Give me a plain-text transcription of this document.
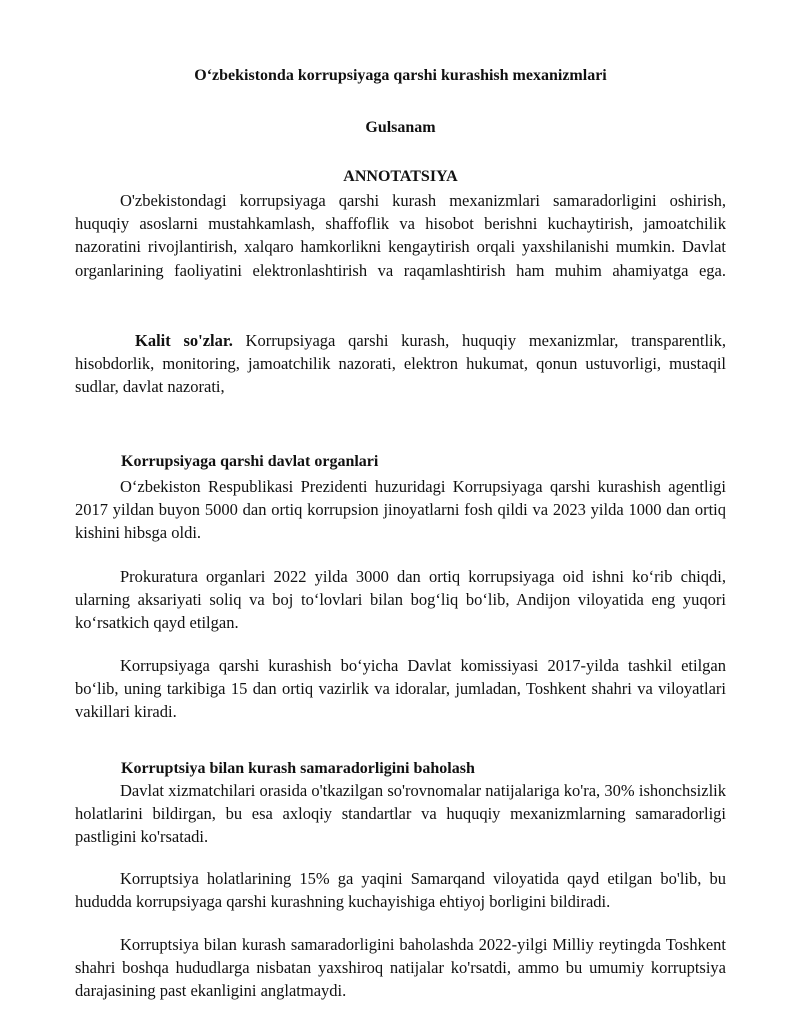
O‘zbekistonda korrupsiyaga qarshi kurashish mexanizmlari
Gulsanam
ANNOTATSIYA
O'zbekistondagi korrupsiyaga qarshi kurash mexanizmlari samaradorligini oshirish, huquqiy asoslarni mustahkamlash, shaffoflik va hisobot berishni kuchaytirish, jamoatchilik nazoratini rivojlantirish, xalqaro hamkorlikni kengaytirish orqali yaxshilanishi mumkin. Davlat organlarining faoliyatini elektronlashtirish va raqamlashtirish ham muhim ahamiyatga ega.
Kalit so'zlar. Korrupsiyaga qarshi kurash, huquqiy mexanizmlar, transparentlik, hisobdorlik, monitoring, jamoatchilik nazorati, elektron hukumat, qonun ustuvorligi, mustaqil sudlar, davlat nazorati,
Korrupsiyaga qarshi davlat organlari
O‘zbekiston Respublikasi Prezidenti huzuridagi Korrupsiyaga qarshi kurashish agentligi 2017 yildan buyon 5000 dan ortiq korrupsion jinoyatlarni fosh qildi va 2023 yilda 1000 dan ortiq kishini hibsga oldi.
Prokuratura organlari 2022 yilda 3000 dan ortiq korrupsiyaga oid ishni ko‘rib chiqdi, ularning aksariyati soliq va boj to‘lovlari bilan bog‘liq bo‘lib, Andijon viloyatida eng yuqori ko‘rsatkich qayd etilgan.
Korrupsiyaga qarshi kurashish bo‘yicha Davlat komissiyasi 2017-yilda tashkil etilgan bo‘lib, uning tarkibiga 15 dan ortiq vazirlik va idoralar, jumladan, Toshkent shahri va viloyatlari vakillari kiradi.
Korruptsiya bilan kurash samaradorligini baholash
Davlat xizmatchilari orasida o'tkazilgan so'rovnomalar natijalariga ko'ra, 30% ishonchsizlik holatlarini bildirgan, bu esa axloqiy standartlar va huquqiy mexanizmlarning samaradorligi pastligini ko'rsatadi.
Korruptsiya holatlarining 15% ga yaqini Samarqand viloyatida qayd etilgan bo'lib, bu hududda korrupsiyaga qarshi kurashning kuchayishiga ehtiyoj borligini bildiradi.
Korruptsiya bilan kurash samaradorligini baholashda 2022-yilgi Milliy reytingda Toshkent shahri boshqa hududlarga nisbatan yaxshiroq natijalar ko'rsatdi, ammo bu umumiy korruptsiya darajasining past ekanligini anglatmaydi.
